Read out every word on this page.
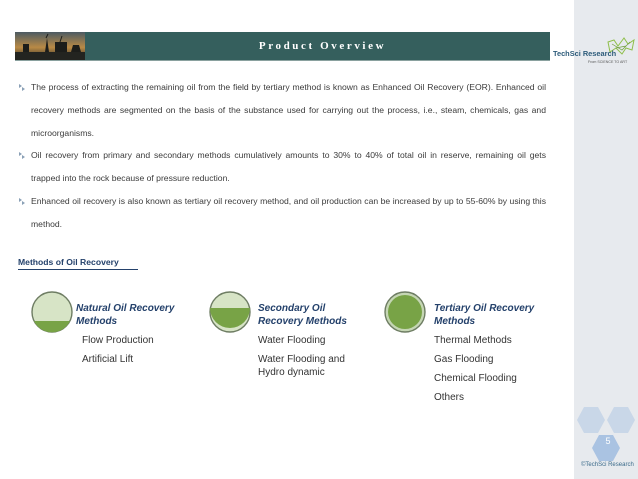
Product Overview
TechSci Research
From SCIENCE TO ART
The process of extracting the remaining oil from the field by tertiary method is known as Enhanced Oil Recovery (EOR). Enhanced oil recovery methods are segmented on the basis of the substance used for carrying out the process, i.e., steam, chemicals, gas and microorganisms.
Oil recovery from primary and secondary methods cumulatively amounts to 30% to 40% of total oil in reserve, remaining oil gets trapped into the rock because of pressure reduction.
Enhanced oil recovery is also known as tertiary oil recovery method, and oil production can be increased by up to 55-60% by using this method.
Methods of Oil Recovery
Natural Oil Recovery
Methods
Flow Production
Artificial Lift
Secondary Oil
Recovery Methods
Water Flooding
Water Flooding and
Hydro dynamic
Tertiary Oil Recovery
Methods
Thermal Methods
Gas Flooding
Chemical Flooding
Others
5
©TechSci Research
